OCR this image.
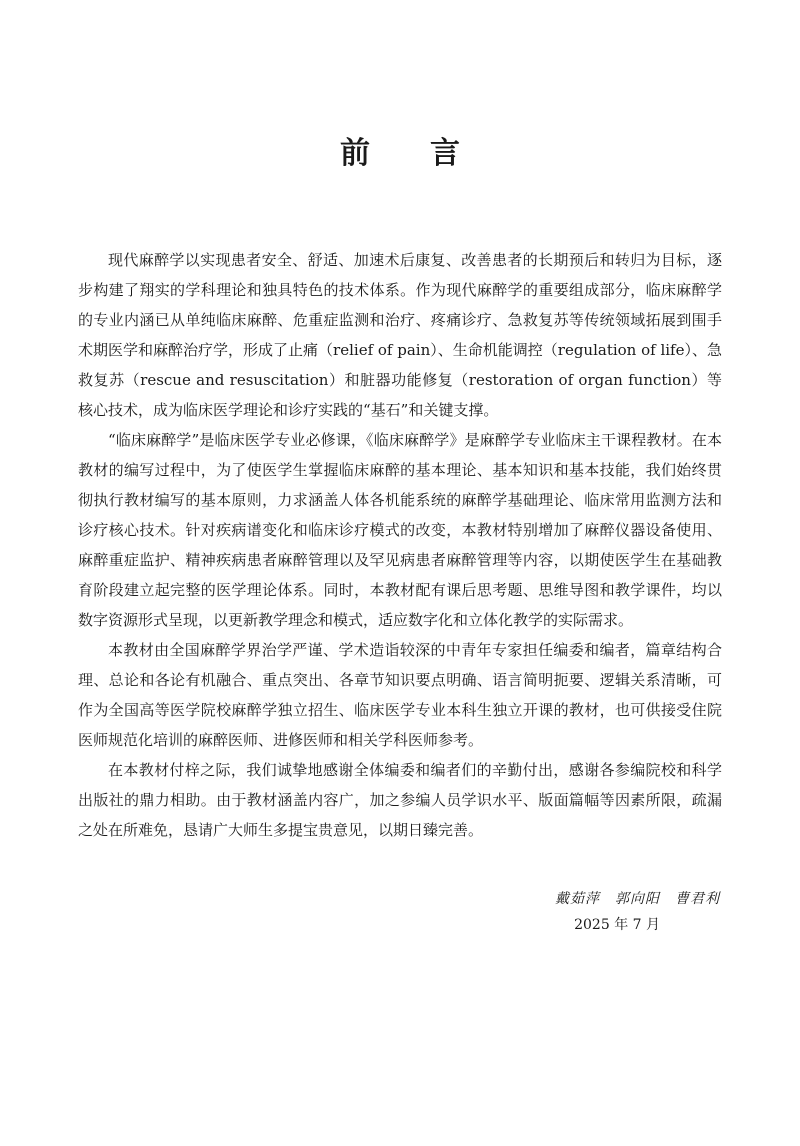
前言

现代麻醉学以实现患者安全、舒适、加速术后康复、改善患者的长期预后和转归为目标，逐步构建了翔实的学科理论和独具特色的技术体系。作为现代麻醉学的重要组成部分，临床麻醉学的专业内涵已从单纯临床麻醉、危重症监测和治疗、疼痛诊疗、急救复苏等传统领域拓展到围手术期医学和麻醉治疗学，形成了止痛（relief of pain）、生命机能调控（regulation of life）、急救复苏（rescue and resuscitation）和脏器功能修复（restoration of organ function）等核心技术，成为临床医学理论和诊疗实践的“基石”和关键支撑。

“临床麻醉学”是临床医学专业必修课，《临床麻醉学》是麻醉学专业临床主干课程教材。在本教材的编写过程中，为了使医学生掌握临床麻醉的基本理论、基本知识和基本技能，我们始终贯彻执行教材编写的基本原则，力求涵盖人体各机能系统的麻醉学基础理论、临床常用监测方法和诊疗核心技术。针对疾病谱变化和临床诊疗模式的改变，本教材特别增加了麻醉仪器设备使用、麻醉重症监护、精神疾病患者麻醉管理以及罕见病患者麻醉管理等内容，以期使医学生在基础教育阶段建立起完整的医学理论体系。同时，本教材配有课后思考题、思维导图和教学课件，均以数字资源形式呈现，以更新教学理念和模式，适应数字化和立体化教学的实际需求。

本教材由全国麻醉学界治学严谨、学术造诣较深的中青年专家担任编委和编者，篇章结构合理、总论和各论有机融合、重点突出、各章节知识要点明确、语言简明扼要、逻辑关系清晰，可作为全国高等医学院校麻醉学独立招生、临床医学专业本科生独立开课的教材，也可供接受住院医师规范化培训的麻醉医师、进修医师和相关学科医师参考。

在本教材付梓之际，我们诚挚地感谢全体编委和编者们的辛勤付出，感谢各参编院校和科学出版社的鼎力相助。由于教材涵盖内容广，加之参编人员学识水平、版面篇幅等因素所限，疏漏之处在所难免，恳请广大师生多提宝贵意见，以期日臻完善。

戴茹萍　郭向阳　曹君利
2025 年 7 月
